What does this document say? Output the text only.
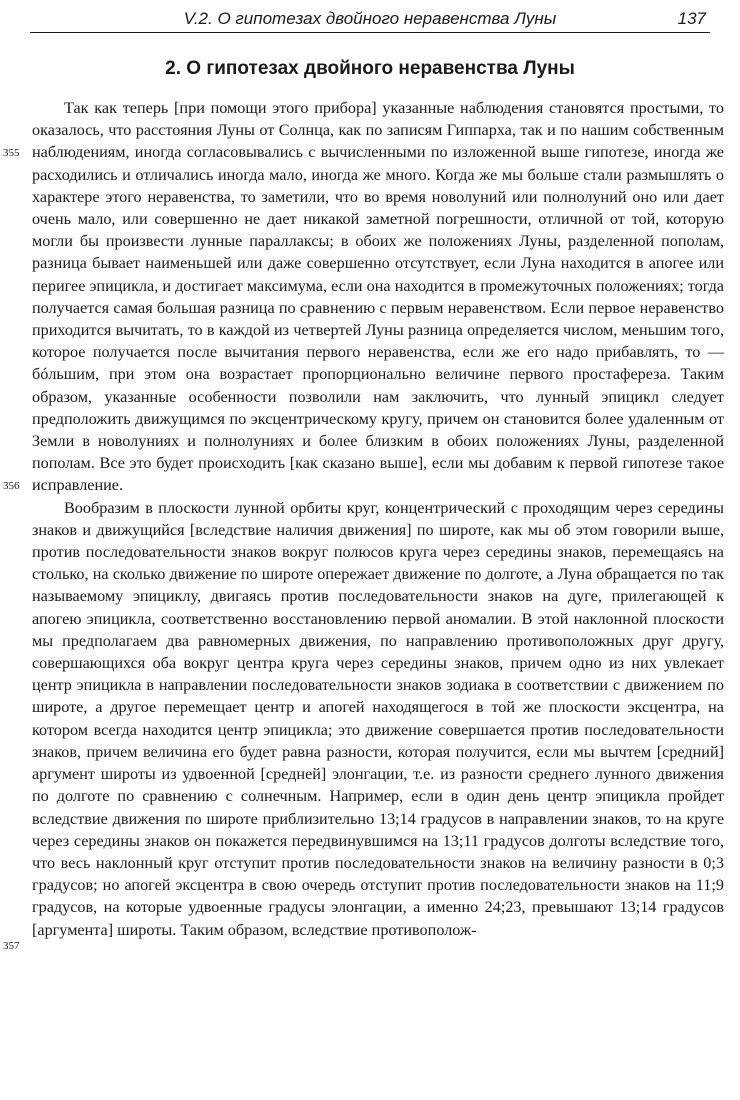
V.2. О гипотезах двойного неравенства Луны	137
2. О гипотезах двойного неравенства Луны
355
356
357

Так как теперь [при помощи этого прибора] указанные наблюдения становятся простыми, то оказалось, что расстояния Луны от Солнца, как по записям Гиппарха, так и по нашим собственным наблюдениям, иногда согласовывались с вычисленными по изложенной выше гипотезе, иногда же расходились и отличались иногда мало, иногда же много. Когда же мы больше стали размышлять о характере этого неравенства, то заметили, что во время новолуний или полнолуний оно или дает очень мало, или совершенно не дает никакой заметной погрешности, отличной от той, которую могли бы произвести лунные параллаксы; в обоих же положениях Луны, разделенной пополам, разница бывает наименьшей или даже совершенно отсутствует, если Луна находится в апогее или перигее эпицикла, и достигает максимума, если она находится в промежуточных положениях; тогда получается самая большая разница по сравнению с первым неравенством. Если первое неравенство приходится вычитать, то в каждой из четвертей Луны разница определяется числом, меньшим того, которое получается после вычитания первого неравенства, если же его надо прибавлять, то — бóльшим, при этом она возрастает пропорционально величине первого простафереза. Таким образом, указанные особенности позволили нам заключить, что лунный эпицикл следует предположить движущимся по эксцентрическому кругу, причем он становится более удаленным от Земли в новолуниях и полнолуниях и более близким в обоих положениях Луны, разделенной пополам. Все это будет происходить [как сказано выше], если мы добавим к первой гипотезе такое исправление.

Вообразим в плоскости лунной орбиты круг, концентрический с проходящим через середины знаков и движущийся [вследствие наличия движения] по широте, как мы об этом говорили выше, против последовательности знаков вокруг полюсов круга через середины знаков, перемещаясь на столько, на сколько движение по широте опережает движение по долготе, а Луна обращается по так называемому эпициклу, двигаясь против последовательности знаков на дуге, прилегающей к апогею эпицикла, соответственно восстановлению первой аномалии. В этой наклонной плоскости мы предполагаем два равномерных движения, по направлению противоположных друг другу, совершающихся оба вокруг центра круга через середины знаков, причем одно из них увлекает центр эпицикла в направлении последовательности знаков зодиака в соответствии с движением по широте, а другое перемещает центр и апогей находящегося в той же плоскости эксцентра, на котором всегда находится центр эпицикла; это движение совершается против последовательности знаков, причем величина его будет равна разности, которая получится, если мы вычтем [средний] аргумент широты из удвоенной [средней] элонгации, т.е. из разности среднего лунного движения по долготе по сравнению с солнечным. Например, если в один день центр эпицикла пройдет вследствие движения по широте приблизительно 13;14 градусов в направлении знаков, то на круге через середины знаков он покажется передвинувшимся на 13;11 градусов долготы вследствие того, что весь наклонный круг отступит против последовательности знаков на величину разности в 0;3 градусов; но апогей эксцентра в свою очередь отступит против последовательности знаков на 11;9 градусов, на которые удвоенные градусы элонгации, а именно 24;23, превышают 13;14 градусов [аргумента] широты. Таким образом, вследствие противополож-
